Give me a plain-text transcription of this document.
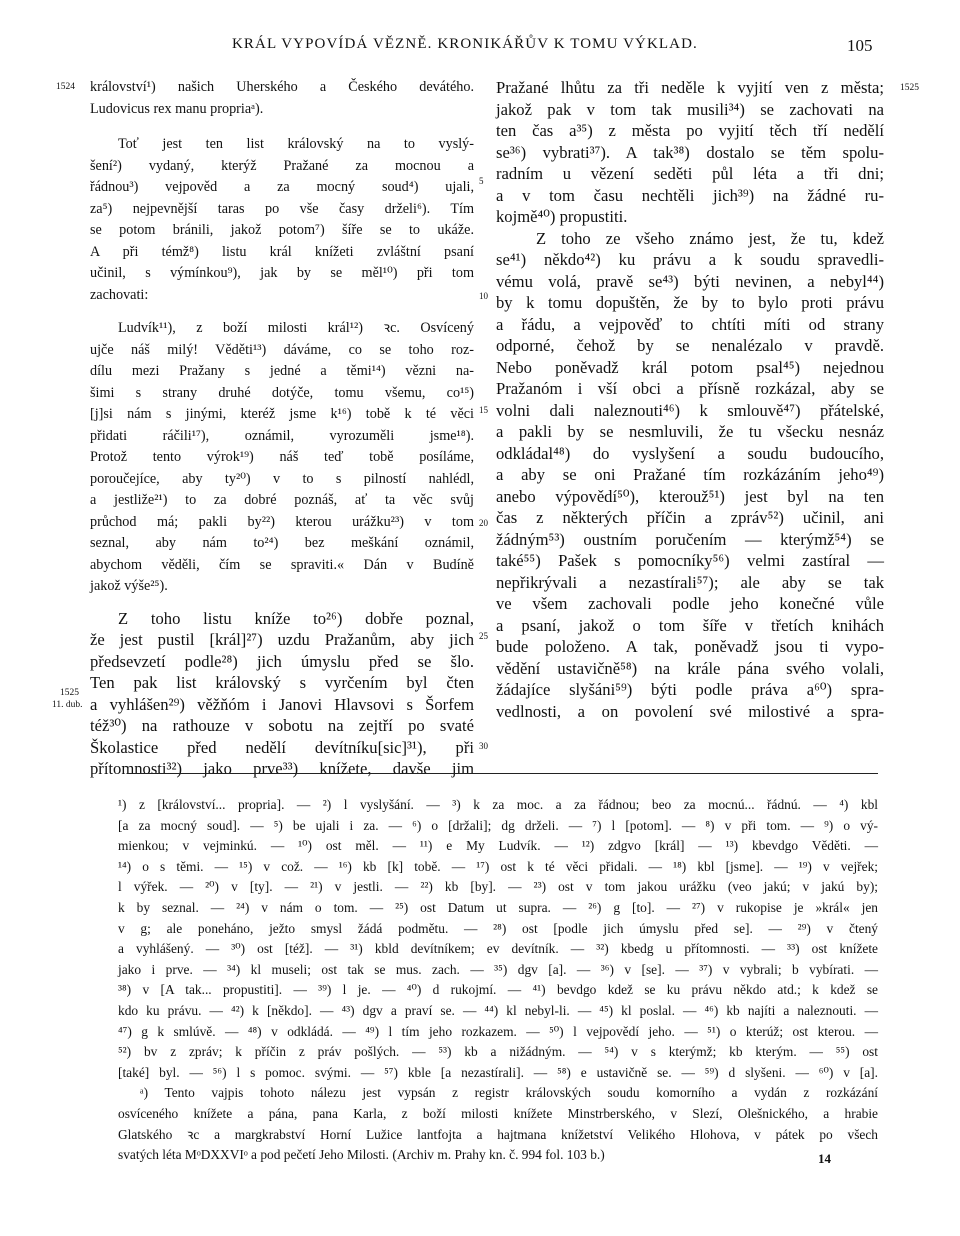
KRÁL VYPOVÍDÁ VĚZNĚ. KRONIKÁŘŮV K TOMU VÝKLAD.	105
1524
1525
11. dub.
1525
5
10
15
20
25
30
království¹) našich Uherského a Českého devátého.
Ludovicus rex manu propriaᵃ).
Toť jest ten list královský na to vyslý-
šení²) vydaný, kterýž Pražané za mocnou a
řádnou³) vejpověd a za mocný soud⁴) ujali,
za⁵) nejpevnější taras po vše časy drželi⁶). Tím
se potom bránili, jakož potom⁷) šíře se to ukáže.
A při témž⁸) listu král knížeti zvláštní psaní
učinil, s výmínkou⁹), jak by se měl¹⁰) při tom
zachovati:
Ludvík¹¹), z boží milosti král¹²) ꝛc. Osvícený
ujče náš milý! Věděti¹³) dáváme, co se toho roz-
dílu mezi Pražany s jedné a těmi¹⁴) vězni na-
šimi s strany druhé dotýče, tomu všemu, co¹⁵)
[j]si nám s jinými, kteréž jsme k¹⁶) tobě k té věci
přidati ráčili¹⁷), oznámil, vyrozuměli jsme¹⁸).
Protož tento výrok¹⁹) náš teď tobě posíláme,
poroučejíce, aby ty²⁰) v to s pilností nahlédl,
a jestliže²¹) to za dobré poznáš, ať ta věc svůj
průchod má; pakli by²²) kterou urážku²³) v tom
seznal, aby nám to²⁴) bez meškání oznámil,
abychom věděli, čím se spraviti.« Dán v Budíně
jakož výše²⁵).
Z toho listu kníže to²⁶) dobře poznal,
že jest pustil [král]²⁷) uzdu Pražanům, aby jich
předsevzetí podle²⁸) jich úmyslu před se šlo.
Ten pak list královský s vyrčením byl čten
a vyhlášen²⁹) věžňóm i Janovi Hlavsovi s Šorfem
též³⁰) na rathouze v sobotu na zejtří po svaté
Školastice před nedělí devítníku[sic]³¹), při
přítomnosti³²) jako prve³³) knížete, davše jim
Pražané lhůtu za tři neděle k vyjití ven z města;
jakož pak v tom tak musili³⁴) se zachovati na
ten čas a³⁵) z města po vyjití těch tří nedělí
se³⁶) vybrati³⁷). A tak³⁸) dostalo se těm spolu-
radním u vězení seděti půl léta a tři dni;
a v tom času nechtěli jich³⁹) na žádné ru-
kojmě⁴⁰) propustiti.
Z toho ze všeho známo jest, že tu, kdež
se⁴¹) někdo⁴²) ku právu a k soudu spravedli-
vému volá, pravě se⁴³) býti nevinen, a nebyl⁴⁴)
by k tomu dopuštěn, že by to bylo proti právu
a řádu, a vejpověď to chtíti míti od strany
odporné, čehož by se nenalézalo v pravdě.
Nebo poněvadž král potom psal⁴⁵) nejednou
Pražanóm i vší obci a přísně rozkázal, aby se
volni dali naleznouti⁴⁶) k smlouvě⁴⁷) přátelské,
a pakli by se nesmluvili, že tu všecku nesnáz
odkládal⁴⁸) do vyslyšení a soudu budoucího,
a aby se oni Pražané tím rozkázáním jeho⁴⁹)
anebo výpovědí⁵⁰), kterouž⁵¹) jest byl na ten
čas z některých příčin a zpráv⁵²) učinil, ani
žádným⁵³) oustním poručením — kterýmž⁵⁴) se
také⁵⁵) Pašek s pomocníky⁵⁶) velmi zastíral —
nepřikrývali a nezastírali⁵⁷); ale aby se tak
ve všem zachovali podle jeho konečné vůle
a psaní, jakož o tom šíře v třetích knihách
bude položeno. A tak, poněvadž jsou ti vypo-
vědění ustavičně⁵⁸) na krále pána svého volali,
žádajíce slyšáni⁵⁹) býti podle práva a⁶⁰) spra-
vedlnosti, a on povolení své milostivé a spra-
¹) z [království... propria]. — ²) l vyslyšání. — ³) k za moc. a za řádnou; beo za mocnú... řádnú. — ⁴) kbl
[a za mocný soud]. — ⁵) be ujali i za. — ⁶) o [držali]; dg drželi. — ⁷) l [potom]. — ⁸) v při tom. — ⁹) o vý-
mienkou; v vejminkú. — ¹⁰) ost měl. — ¹¹) e My Ludvík. — ¹²) zdgvo [král] — ¹³) kbevdgo Věděti. —
¹⁴) o s těmi. — ¹⁵) v což. — ¹⁶) kb [k] tobě. — ¹⁷) ost k té věci přidali. — ¹⁸) kbl [jsme]. — ¹⁹) v vejřek;
l výřek. — ²⁰) v [ty]. — ²¹) v jestli. — ²²) kb [by]. — ²³) ost v tom jakou urážku (veo jakú; v jakú by);
k by seznal. — ²⁴) v nám o tom. — ²⁵) ost Datum ut supra. — ²⁶) g [to]. — ²⁷) v rukopise je »král« jen
v g; ale poneháno, ježto smysl žádá podmětu. — ²⁸) ost [podle jich úmyslu před se]. — ²⁹) v čtený
a vyhlášený. — ³⁰) ost [též]. — ³¹) kbld devítníkem; ev devítník. — ³²) kbedg u přítomnosti. — ³³) ost knížete
jako i prve. — ³⁴) kl museli; ost tak se mus. zach. — ³⁵) dgv [a]. — ³⁶) v [se]. — ³⁷) v vybrali; b vybírati. —
³⁸) v [A tak... propustiti]. — ³⁹) l je. — ⁴⁰) d rukojmí. — ⁴¹) bevdgo kdež se ku právu někdo atd.; k kdež se
kdo ku právu. — ⁴²) k [někdo]. — ⁴³) dgv a praví se. — ⁴⁴) kl nebyl-li. — ⁴⁵) kl poslal. — ⁴⁶) kb najíti a naleznouti. —
⁴⁷) g k smlúvě. — ⁴⁸) v odkládá. — ⁴⁹) l tím jeho rozkazem. — ⁵⁰) l vejpovědí jeho. — ⁵¹) o kterúž; ost kterou. —
⁵²) bv z zpráv; k příčin z práv pošlých. — ⁵³) kb a nižádným. — ⁵⁴) v s kterýmž; kb kterým. — ⁵⁵) ost
[také] byl. — ⁵⁶) l s pomoc. svými. — ⁵⁷) kble [a nezastírali]. — ⁵⁸) e ustavičně se. — ⁵⁹) d slyšeni. — ⁶⁰) v [a].
ᵃ) Tento vajpis tohoto nálezu jest vypsán z registr královských soudu komorního a vydán z rozkázání
osvíceného knížete a pána, pana Karla, z boží milosti knížete Minstrberského, v Slezí, Olešnického, a hrabie
Glatského ꝛc a margkrabství Horní Lužice lantfojta a hajtmana knížetství Velikého Hlohova, v pátek po všech
svatých léta MᵒDXXVIᵒ a pod pečetí Jeho Milosti. (Archiv m. Prahy kn. č. 994 fol. 103 b.)	14
